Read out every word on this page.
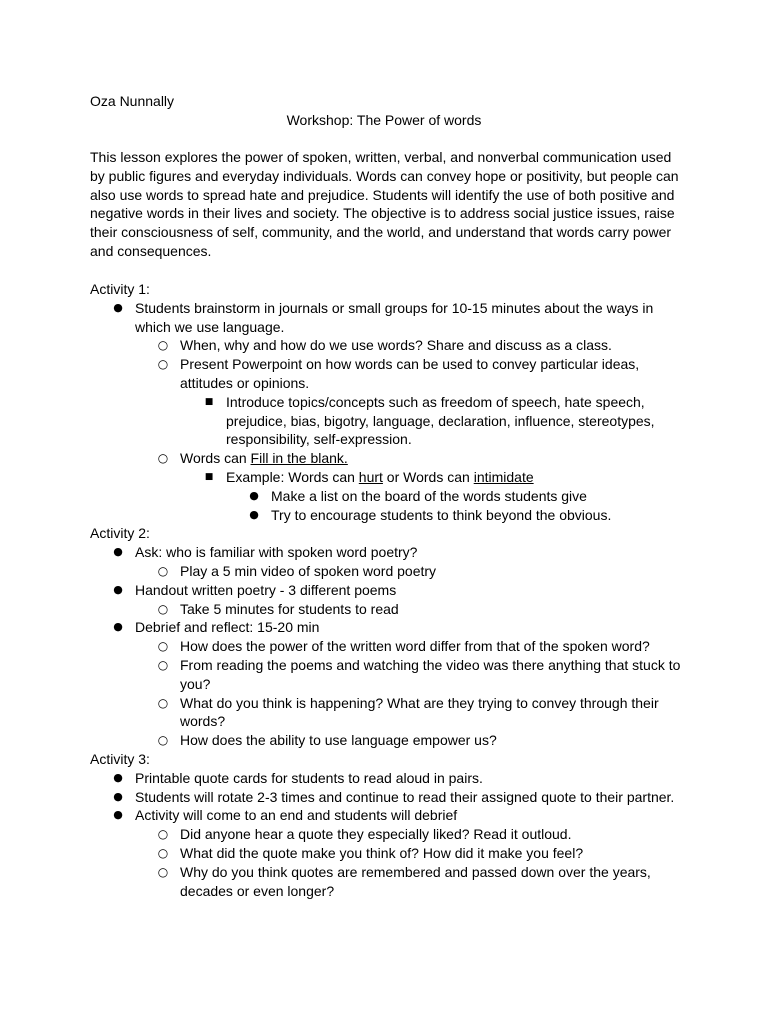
Oza Nunnally
Workshop: The Power of words

This lesson explores the power of spoken, written, verbal, and nonverbal communication used by public figures and everyday individuals. Words can convey hope or positivity, but people can also use words to spread hate and prejudice. Students will identify the use of both positive and negative words in their lives and society. The objective is to address social justice issues, raise their consciousness of self, community, and the world, and understand that words carry power and consequences.

Activity 1:
● Students brainstorm in journals or small groups for 10-15 minutes about the ways in which we use language.
○ When, why and how do we use words? Share and discuss as a class.
○ Present Powerpoint on how words can be used to convey particular ideas, attitudes or opinions.
■ Introduce topics/concepts such as freedom of speech, hate speech, prejudice, bias, bigotry, language, declaration, influence, stereotypes, responsibility, self-expression.
○ Words can Fill in the blank.
■ Example: Words can hurt or Words can intimidate
● Make a list on the board of the words students give
● Try to encourage students to think beyond the obvious.
Activity 2:
● Ask: who is familiar with spoken word poetry?
○ Play a 5 min video of spoken word poetry
● Handout written poetry - 3 different poems
○ Take 5 minutes for students to read
● Debrief and reflect: 15-20 min
○ How does the power of the written word differ from that of the spoken word?
○ From reading the poems and watching the video was there anything that stuck to you?
○ What do you think is happening? What are they trying to convey through their words?
○ How does the ability to use language empower us?
Activity 3:
● Printable quote cards for students to read aloud in pairs.
● Students will rotate 2-3 times and continue to read their assigned quote to their partner.
● Activity will come to an end and students will debrief
○ Did anyone hear a quote they especially liked? Read it outloud.
○ What did the quote make you think of? How did it make you feel?
○ Why do you think quotes are remembered and passed down over the years, decades or even longer?
